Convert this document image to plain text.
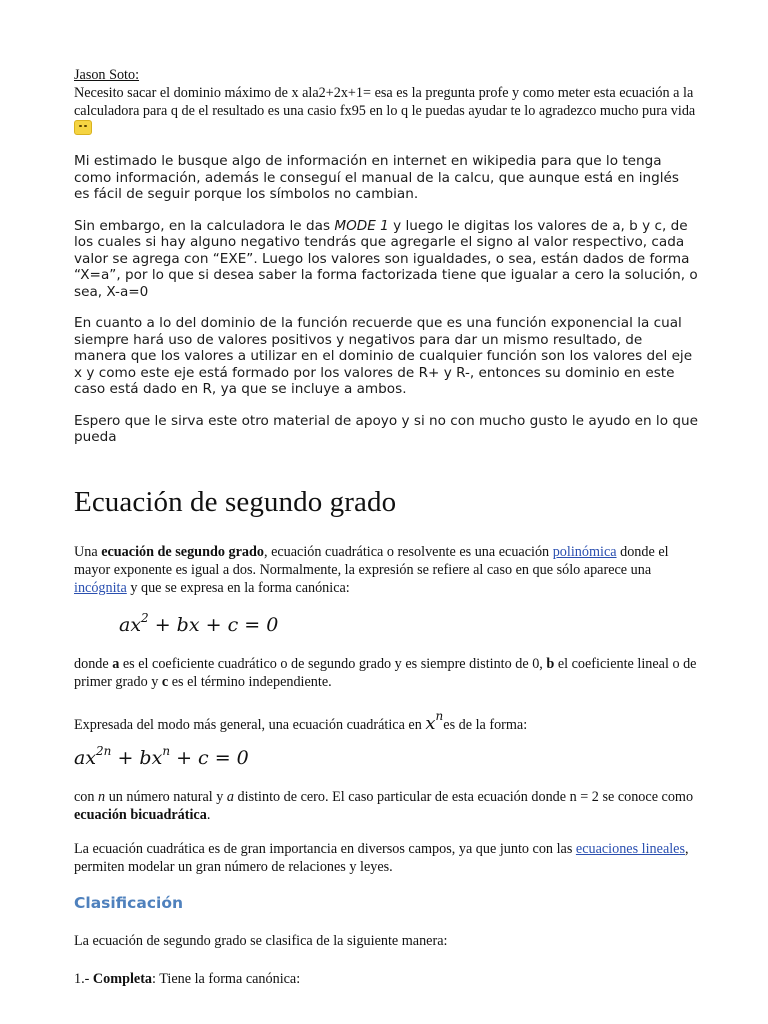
Jason Soto:
Necesito sacar el dominio máximo de x ala2+2x+1= esa es la pregunta profe y como meter esta ecuación a la calculadora para q de el resultado es una casio fx95 en lo q le puedas ayudar te lo agradezco mucho pura vida

Mi estimado le busque algo de información en internet en wikipedia para que lo tenga como información, además le conseguí el manual de la calcu, que aunque está en inglés es fácil de seguir porque los símbolos no cambian.

Sin embargo, en la calculadora le das MODE 1 y luego le digitas los valores de a, b y c, de los cuales si hay alguno negativo tendrás que agregarle el signo al valor respectivo, cada valor se agrega con “EXE”. Luego los valores son igualdades, o sea, están dados de forma “X=a”, por lo que si desea saber la forma factorizada tiene que igualar a cero la solución, o sea, X-a=0

En cuanto a lo del dominio de la función recuerde que es una función exponencial la cual siempre hará uso de valores positivos y negativos para dar un mismo resultado, de manera que los valores a utilizar en el dominio de cualquier función son los valores del eje x y como este eje está formado por los valores de R+ y R-, entonces su dominio en este caso está dado en R, ya que se incluye a ambos.

Espero que le sirva este otro material de apoyo y si no con mucho gusto le ayudo en lo que pueda

Ecuación de segundo grado

Una ecuación de segundo grado, ecuación cuadrática o resolvente es una ecuación polinómica donde el mayor exponente es igual a dos. Normalmente, la expresión se refiere al caso en que sólo aparece una incógnita y que se expresa en la forma canónica:

$ax^2$ + bx + c = 0

donde a es el coeficiente cuadrático o de segundo grado y es siempre distinto de 0, b el coeficiente lineal o de primer grado y c es el término independiente.

Expresada del modo más general, una ecuación cuadrática en $x^nes$ de la forma:

$ax^{2n} + bx^n + c = 0$

con n un número natural y a distinto de cero. El caso particular de esta ecuación donde n = 2 se conoce como ecuación bicuadrática.

La ecuación cuadrática es de gran importancia en diversos campos, ya que junto con las ecuaciones lineales, permiten modelar un gran número de relaciones y leyes.

Clasificación

La ecuación de segundo grado se clasifica de la siguiente manera:

1.- Completa: Tiene la forma canónica:
